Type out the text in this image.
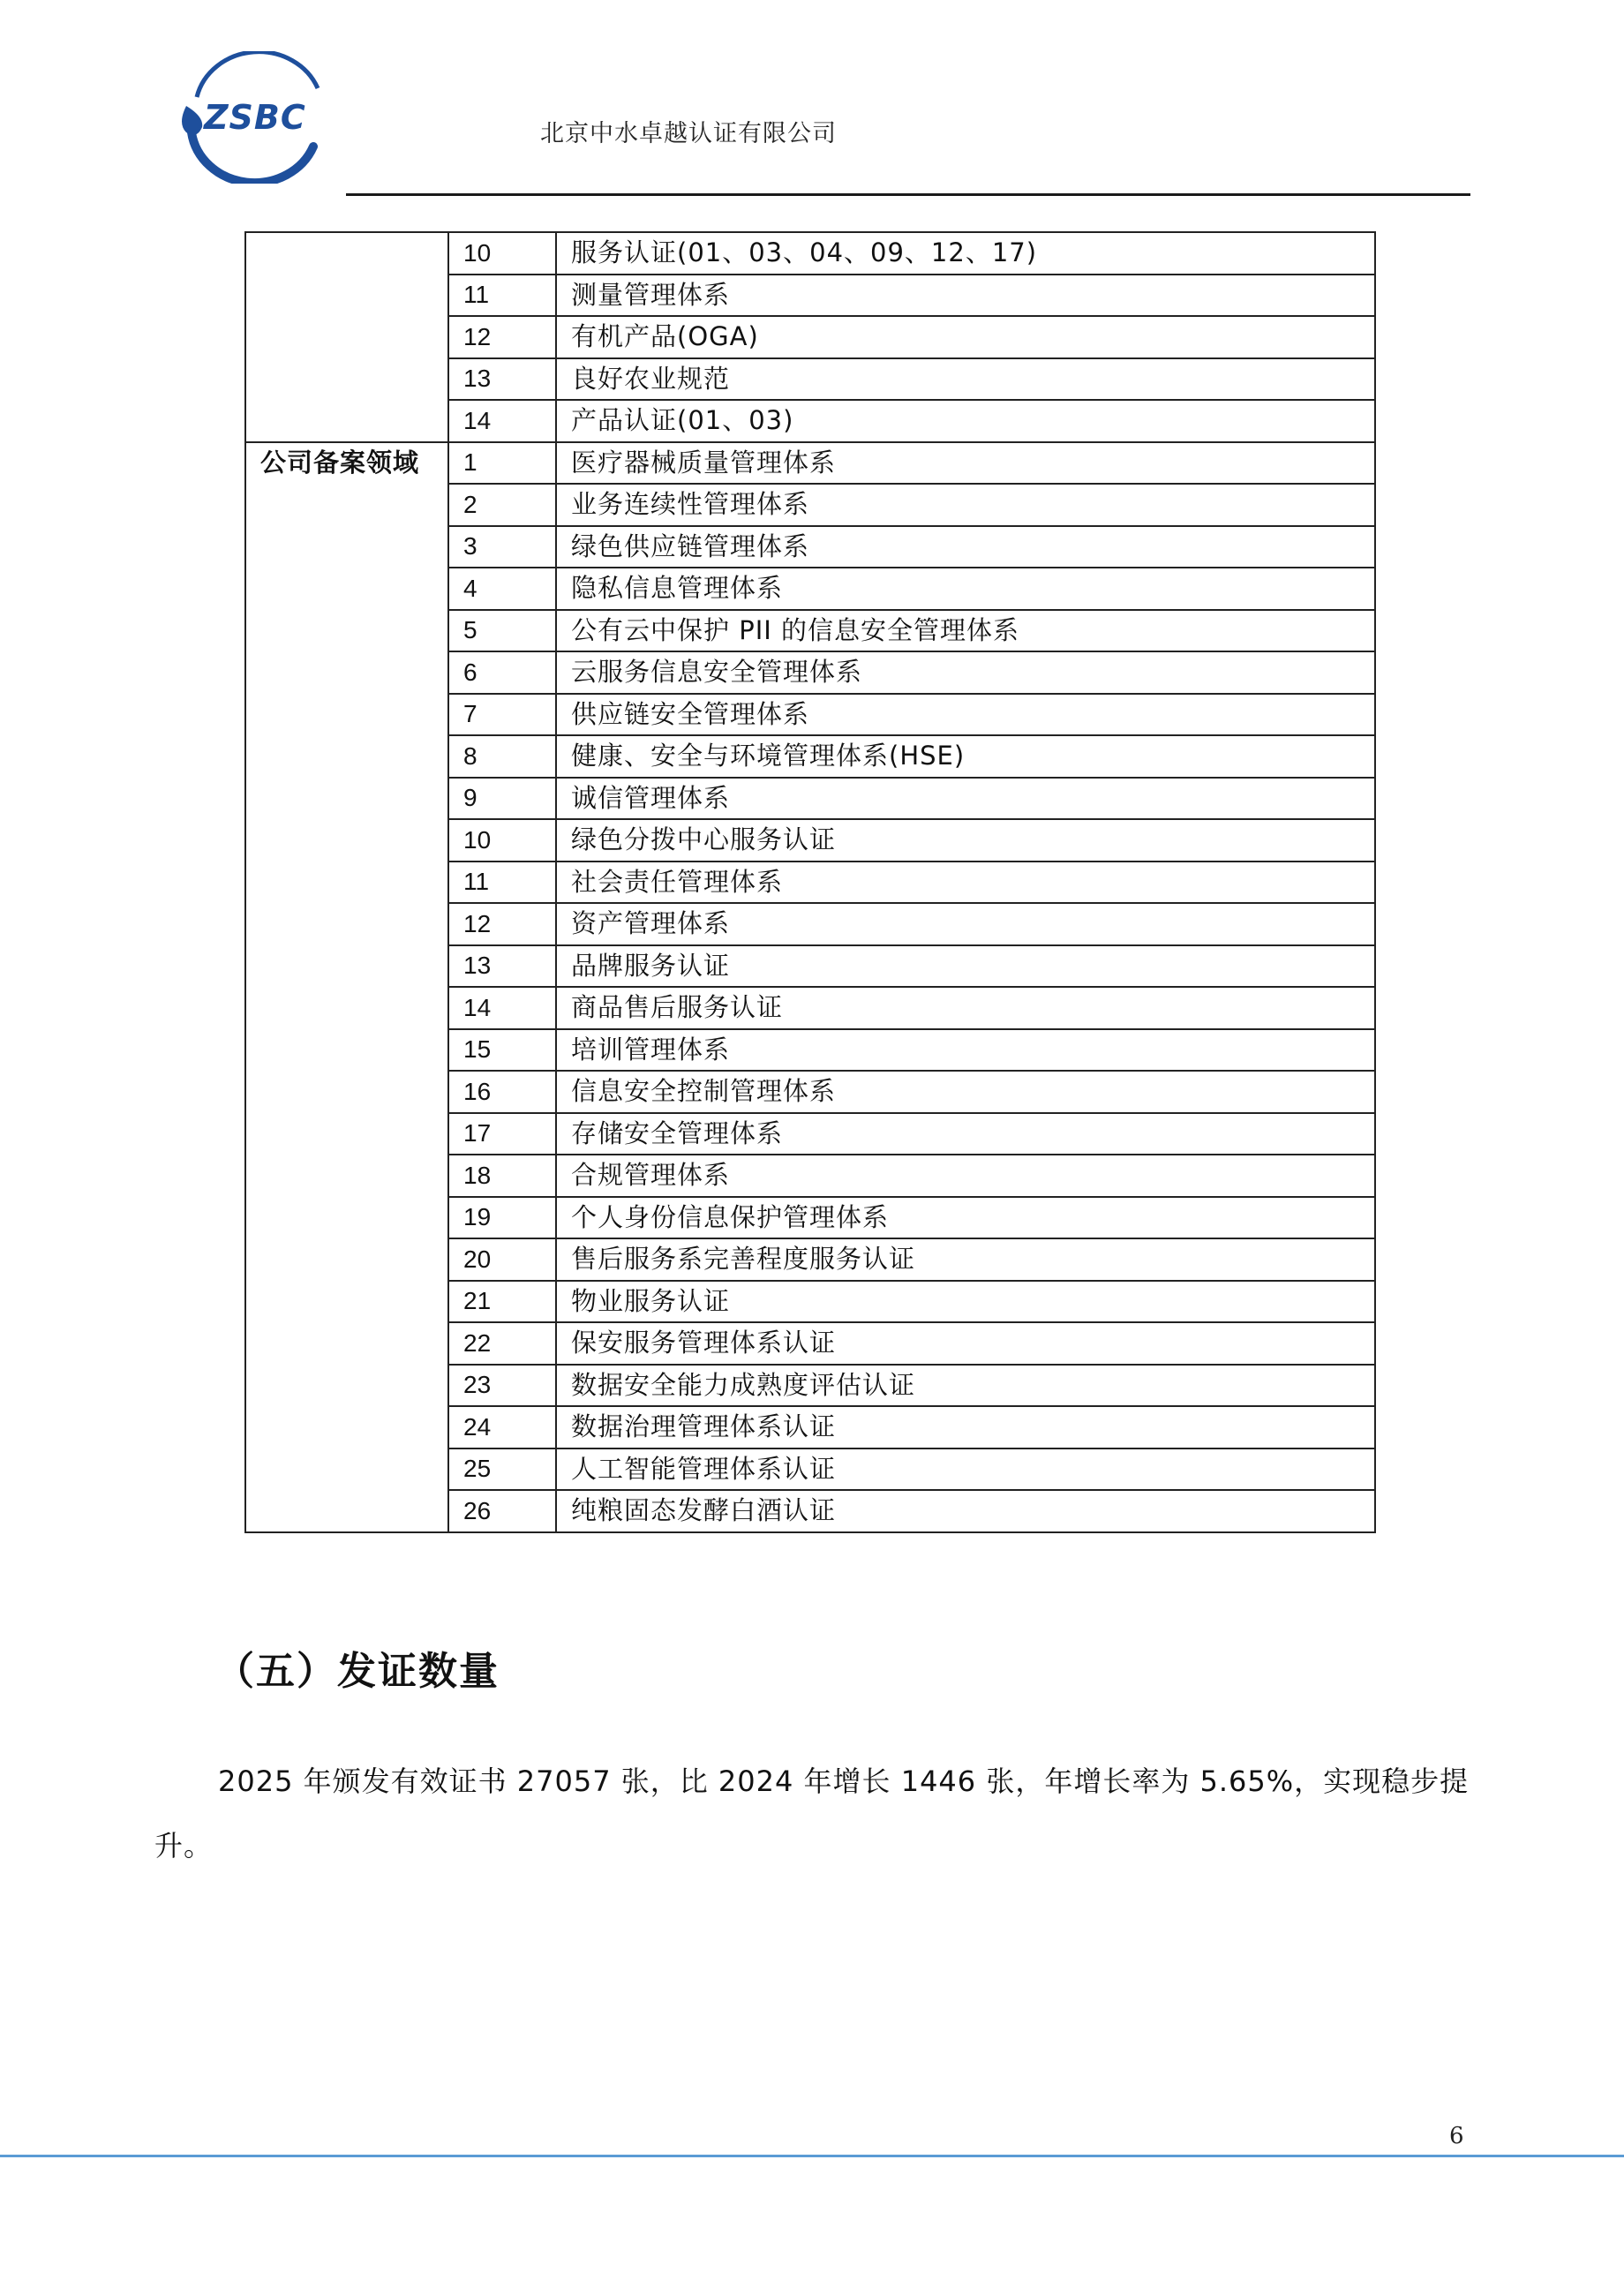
ZSBC	北京中水卓越认证有限公司
	10	服务认证(01、03、04、09、12、17)
	11	测量管理体系
	12	有机产品(OGA)
	13	良好农业规范
	14	产品认证(01、03)

公司备案领域	1	医疗器械质量管理体系
	2	业务连续性管理体系
	3	绿色供应链管理体系
	4	隐私信息管理体系
	5	公有云中保护 PII 的信息安全管理体系
	6	云服务信息安全管理体系
	7	供应链安全管理体系
	8	健康、安全与环境管理体系(HSE)
	9	诚信管理体系
	10	绿色分拨中心服务认证
	11	社会责任管理体系
	12	资产管理体系
	13	品牌服务认证
	14	商品售后服务认证
	15	培训管理体系
	16	信息安全控制管理体系
	17	存储安全管理体系
	18	合规管理体系
	19	个人身份信息保护管理体系
	20	售后服务系完善程度服务认证
	21	物业服务认证
	22	保安服务管理体系认证
	23	数据安全能力成熟度评估认证
	24	数据治理管理体系认证
	25	人工智能管理体系认证
	26	纯粮固态发酵白酒认证
（五）发证数量
2025 年颁发有效证书 27057 张，比 2024 年增长 1446 张，年增长率为 5.65%，实现稳步提升。
6
